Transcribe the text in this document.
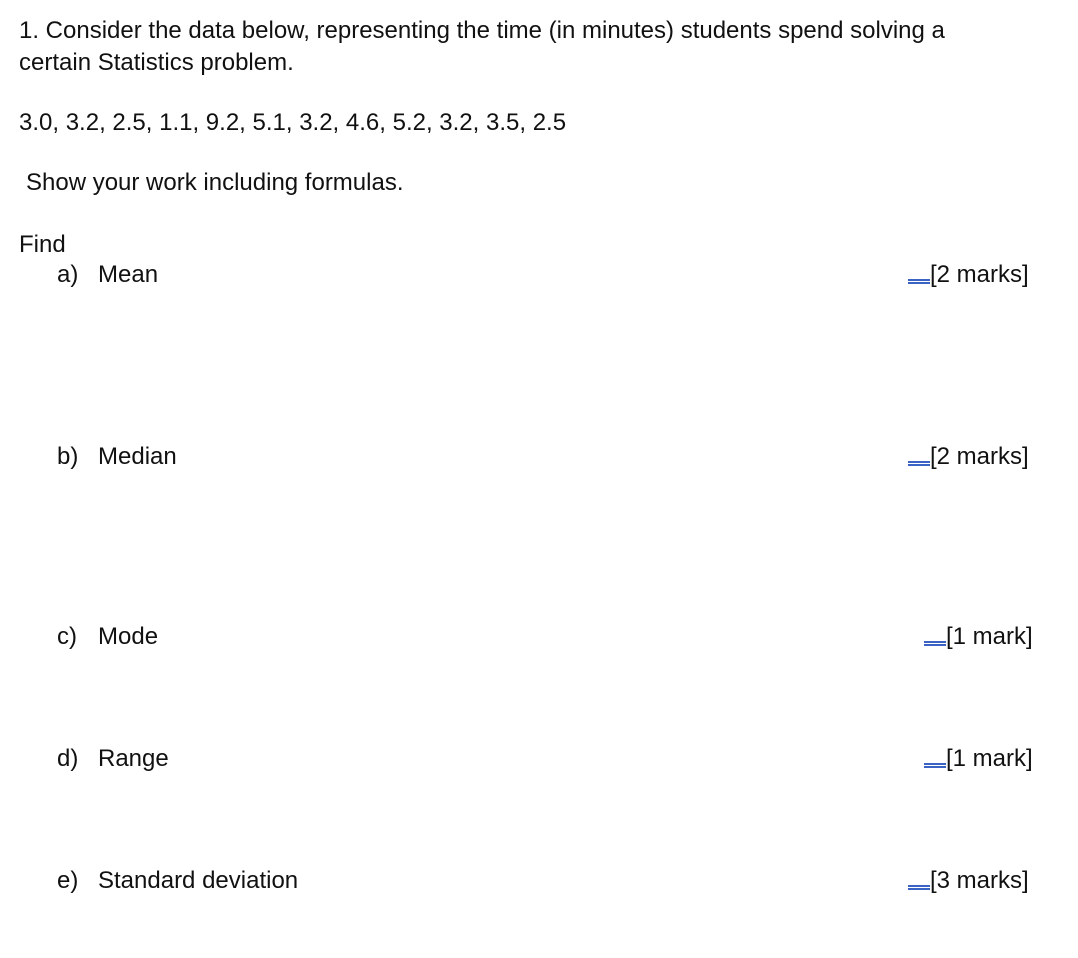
1. Consider the data below, representing the time (in minutes) students spend solving a
certain Statistics problem.
3.0, 3.2, 2.5, 1.1, 9.2, 5.1, 3.2, 4.6, 5.2, 3.2, 3.5, 2.5
Show your work including formulas.
Find
a) Mean	[2 marks]
b) Median	[2 marks]
c) Mode	[1 mark]
d) Range	[1 mark]
e) Standard deviation	[3 marks]
